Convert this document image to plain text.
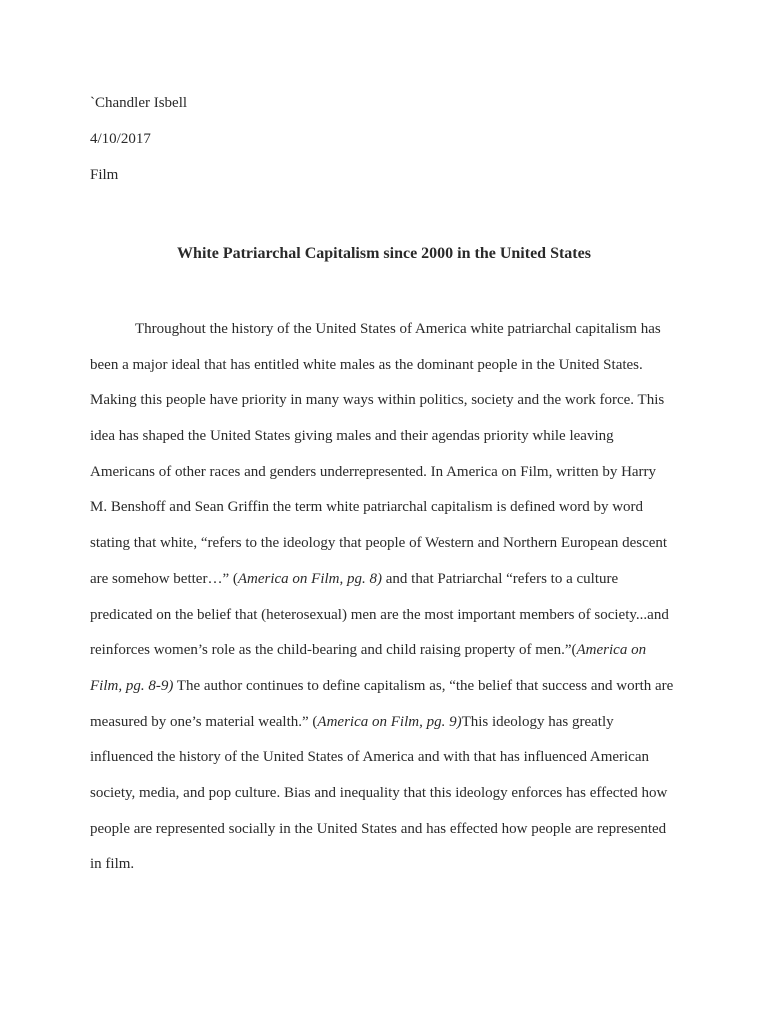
`Chandler Isbell
4/10/2017
Film
White Patriarchal Capitalism since 2000 in the United States
Throughout the history of the United States of America white patriarchal capitalism has
been a major ideal that has entitled white males as the dominant people in the United States.
Making this people have priority in many ways within politics, society and the work force. This
idea has shaped the United States giving males and their agendas priority while leaving
Americans of other races and genders underrepresented. In America on Film, written by Harry
M. Benshoff and Sean Griffin the term white patriarchal capitalism is defined word by word
stating that white, “refers to the ideology that people of Western and Northern European descent
are somehow better…” (America on Film, pg. 8) and that Patriarchal “refers to a culture
predicated on the belief that (heterosexual) men are the most important members of society...and
reinforces women’s role as the child-bearing and child raising property of men.”(America on
Film, pg. 8-9) The author continues to define capitalism as, “the belief that success and worth are
measured by one’s material wealth.” (America on Film, pg. 9)This ideology has greatly
influenced the history of the United States of America and with that has influenced American
society, media, and pop culture. Bias and inequality that this ideology enforces has effected how
people are represented socially in the United States and has effected how people are represented
in film.
